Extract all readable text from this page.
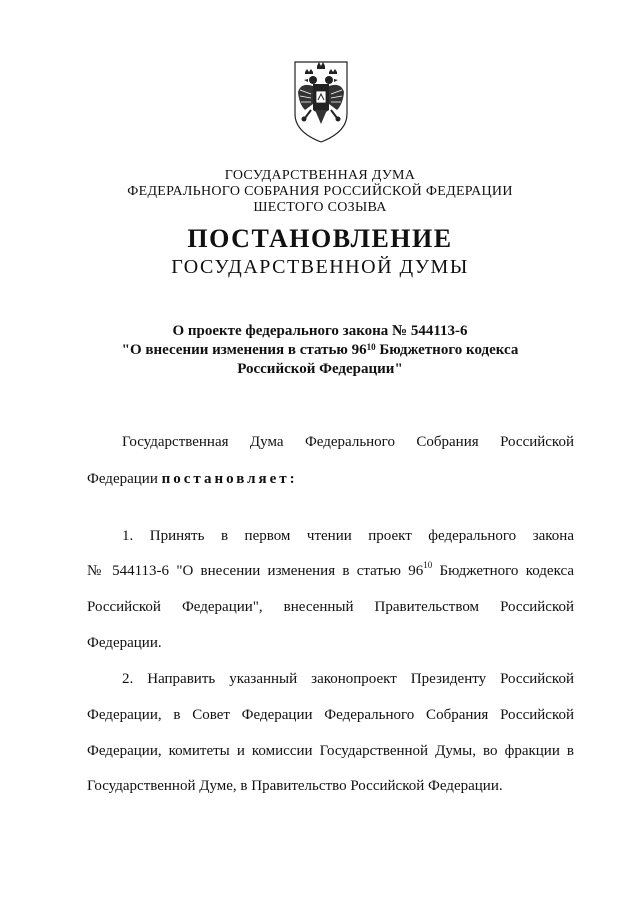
ГОСУДАРСТВЕННАЯ ДУМА
ФЕДЕРАЛЬНОГО СОБРАНИЯ РОССИЙСКОЙ ФЕДЕРАЦИИ
ШЕСТОГО СОЗЫВА
ПОСТАНОВЛЕНИЕ
ГОСУДАРСТВЕННОЙ ДУМЫ
О проекте федерального закона № 544113-6
"О внесении изменения в статью $96^{10}$ Бюджетного кодекса
Российской Федерации"
Государственная Дума Федерального Собрания Российской
Федерации постановляет:
1. Принять в первом чтении проект федерального закона
№ 544113-6 "О внесении изменения в статью $96^{10}$ Бюджетного кодекса
Российской Федерации", внесенный Правительством Российской
Федерации.
2. Направить указанный законопроект Президенту Российской
Федерации, в Совет Федерации Федерального Собрания Российской
Федерации, комитеты и комиссии Государственной Думы, во фракции в
Государственной Думе, в Правительство Российской Федерации.
